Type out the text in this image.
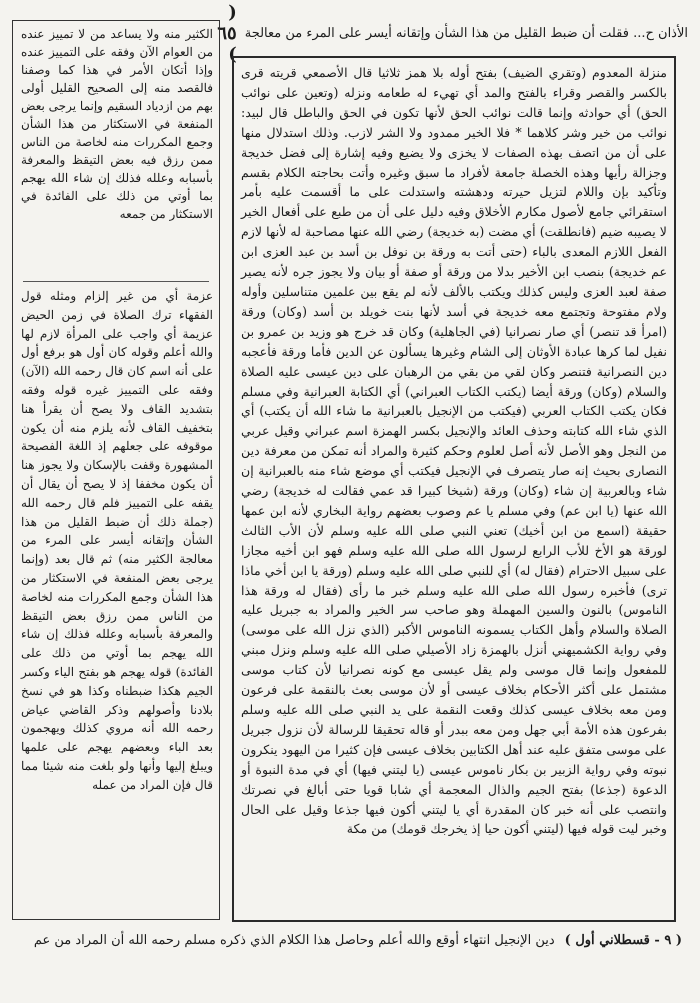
الأذان ح... فقلت أن ضبط القليل من هذا الشأن وإتقانه أيسر على المرء من معالجة
( ٦٥ )
منزلة المعدوم (وتقري الضيف) بفتح أوله بلا همز ثلاثيا قال الأصمعي قريته قرى بالكسر والقصر وقراء بالفتح والمد أي تهيء له طعامه ونزله (وتعين على نوائب الحق) أي حوادثه وإنما قالت نوائب الحق لأنها تكون في الحق والباطل قال لبيد: نوائب من خير وشر كلاهما * فلا الخير ممدود ولا الشر لازب. وذلك استدلال منها على أن من اتصف بهذه الصفات لا يخزى ولا يضيع وفيه إشارة إلى فضل خديجة وجزالة رأيها وهذه الخصلة جامعة لأفراد ما سبق وغيره وأتت بحاجته الكلام بقسم وتأكيد بإن واللام لتزيل حيرته ودهشته واستدلت على ما أقسمت عليه بأمر استقرائي جامع لأصول مكارم الأخلاق وفيه دليل على أن من طبع على أفعال الخير لا يصيبه ضيم (فانطلقت) أي مضت (به خديجة) رضي الله عنها مصاحبة له لأنها لازم الفعل اللازم المعدى بالباء (حتى أتت به ورقة بن نوفل بن أسد بن عبد العزى ابن عم خديجة) بنصب ابن الأخير بدلا من ورقة أو صفة أو بيان ولا يجوز جره لأنه يصير صفة لعبد العزى وليس كذلك ويكتب بالألف لأنه لم يقع بين علمين متناسلين وأوله ولام مفتوحة وتجتمع معه خديجة في أسد لأنها بنت خويلد بن أسد (وكان) ورقة (امرأ قد تنصر) أي صار نصرانيا (في الجاهلية) وكان قد خرج هو وزيد بن عمرو بن نفيل لما كرها عبادة الأوثان إلى الشام وغيرها يسألون عن الدين فأما ورقة فأعجبه دين النصرانية فتنصر وكان لقي من بقي من الرهبان على دين عيسى عليه الصلاة والسلام (وكان) ورقة أيضا (يكتب الكتاب العبراني) أي الكتابة العبرانية وفي مسلم فكان يكتب الكتاب العربي (فيكتب من الإنجيل بالعبرانية ما شاء الله أن يكتب) أي الذي شاء الله كتابته وحذف العائد والإنجيل بكسر الهمزة اسم عبراني وقيل عربي من النجل وهو الأصل لأنه أصل لعلوم وحكم كثيرة والمراد أنه تمكن من معرفة دين النصارى بحيث إنه صار يتصرف في الإنجيل فيكتب أي موضع شاء منه بالعبرانية إن شاء وبالعربية إن شاء (وكان) ورقة (شيخا كبيرا قد عمي فقالت له خديجة) رضي الله عنها (يا ابن عم) وفي مسلم يا عم وصوب بعضهم رواية البخاري لأنه ابن عمها حقيقة (اسمع من ابن أخيك) تعني النبي صلى الله عليه وسلم لأن الأب الثالث لورقة هو الأخ للأب الرابع لرسول الله صلى الله عليه وسلم فهو ابن أخيه مجازا على سبيل الاحترام (فقال له) أي للنبي صلى الله عليه وسلم (ورقة يا ابن أخي ماذا ترى) فأخبره رسول الله صلى الله عليه وسلم خبر ما رأى (فقال له ورقة هذا الناموس) بالنون والسين المهملة وهو صاحب سر الخير والمراد به جبريل عليه الصلاة والسلام وأهل الكتاب يسمونه الناموس الأكبر (الذي نزل الله على موسى) وفي رواية الكشميهني أنزل بالهمزة زاد الأصيلي صلى الله عليه وسلم ونزل مبني للمفعول وإنما قال موسى ولم يقل عيسى مع كونه نصرانيا لأن كتاب موسى مشتمل على أكثر الأحكام بخلاف عيسى أو لأن موسى بعث بالنقمة على فرعون ومن معه بخلاف عيسى كذلك وقعت النقمة على يد النبي صلى الله عليه وسلم بفرعون هذه الأمة أبي جهل ومن معه ببدر أو قاله تحقيقا للرسالة لأن نزول جبريل على موسى متفق عليه عند أهل الكتابين بخلاف عيسى فإن كثيرا من اليهود ينكرون نبوته وفي رواية الزبير بن بكار ناموس عيسى (يا ليتني فيها) أي في مدة النبوة أو الدعوة (جذعا) بفتح الجيم والذال المعجمة أي شابا قويا حتى أبالغ في نصرتك وانتصب على أنه خبر كان المقدرة أي يا ليتني أكون فيها جذعا وقيل على الحال وخبر ليت قوله فيها (ليتني أكون حيا إذ يخرجك قومك) من مكة
الكثير منه ولا يساعد من لا تمييز عنده من العوام الآن وفقه على التمييز عنده وإذا أتكان الأمر في هذا كما وصفنا فالقصد منه إلى الصحيح القليل أولى بهم من ازدياد السقيم وإنما يرجى بعض المنفعة في الاستكثار من هذا الشأن وجمع المكررات منه لخاصة من الناس ممن رزق فيه بعض التيقظ والمعرفة بأسبابه وعلله فذلك إن شاء الله يهجم بما أوتي من ذلك على الفائدة في الاستكثار من جمعه
عزمة أي من غير إلزام ومثله قول الفقهاء ترك الصلاة في زمن الحيض عزيمة أي واجب على المرأة لازم لها والله أعلم وقوله كان أول هو برفع أول على أنه اسم كان قال رحمه الله (الآن) وفقه على التمييز غيره قوله وفقه بتشديد القاف ولا يصح أن يقرأ هنا بتخفيف القاف لأنه يلزم منه أن يكون موقوفه على جعلهم إذ اللغة الفصيحة المشهورة وقفت بالإسكان ولا يجوز هنا أن يكون مخففا إذ لا يصح أن يقال أن يقفه على التمييز فلم قال رحمه الله (جملة ذلك أن ضبط القليل من هذا الشأن وإتقانه أيسر على المرء من معالجة الكثير منه) ثم قال بعد (وإنما يرجى بعض المنفعة في الاستكثار من هذا الشأن وجمع المكررات منه لخاصة من الناس ممن رزق بعض التيقظ والمعرفة بأسبابه وعلله فذلك إن شاء الله يهجم بما أوتي من ذلك على الفائدة) قوله يهجم هو بفتح الياء وكسر الجيم هكذا ضبطناه وكذا هو في نسخ بلادنا وأصولهم وذكر القاضي عياض رحمه الله أنه مروي كذلك ويهجمون بعد الباء وبعضهم يهجم على علمها ويبلغ إليها وأنها ولو بلغت منه شيئا مما قال فإن المراد من عمله
( ٩ - قسطلاني أول )
دين الإنجيل انتهاء أوقع والله أعلم وحاصل هذا الكلام الذي ذكره مسلم رحمه الله أن المراد من عم
